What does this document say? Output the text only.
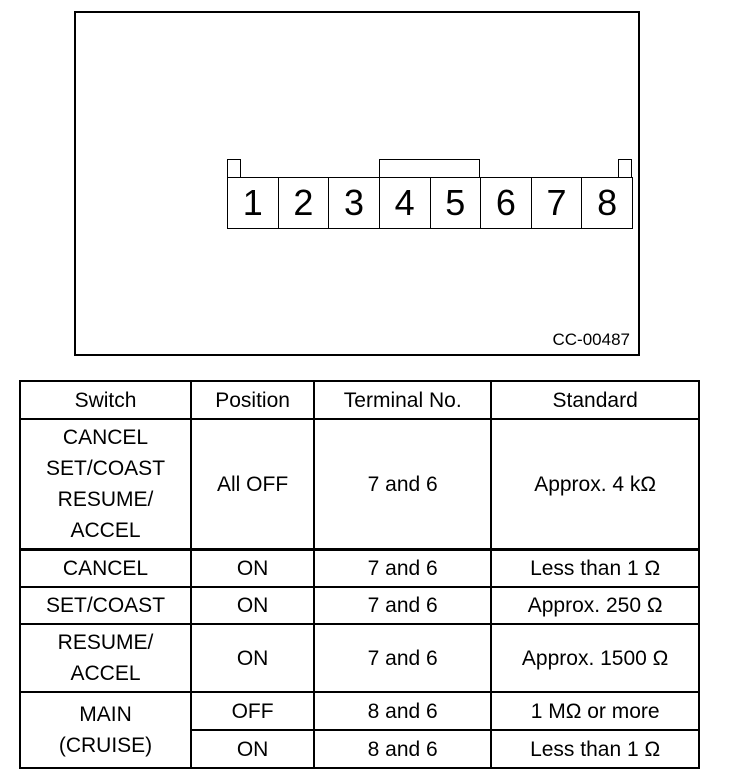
1 2 3 4 5 6 7 8
CC-00487
Switch	Position	Terminal No.	Standard

CANCEL
SET/COAST
RESUME/
ACCEL	All OFF	7 and 6	Approx. 4 kΩ
CANCEL	ON	7 and 6	Less than 1 Ω
SET/COAST	ON	7 and 6	Approx. 250 Ω

RESUME/
ACCEL	ON	7 and 6	Approx. 1500 Ω

MAIN
(CRUISE)	OFF	8 and 6	1 MΩ or more
	ON	8 and 6	Less than 1 Ω
